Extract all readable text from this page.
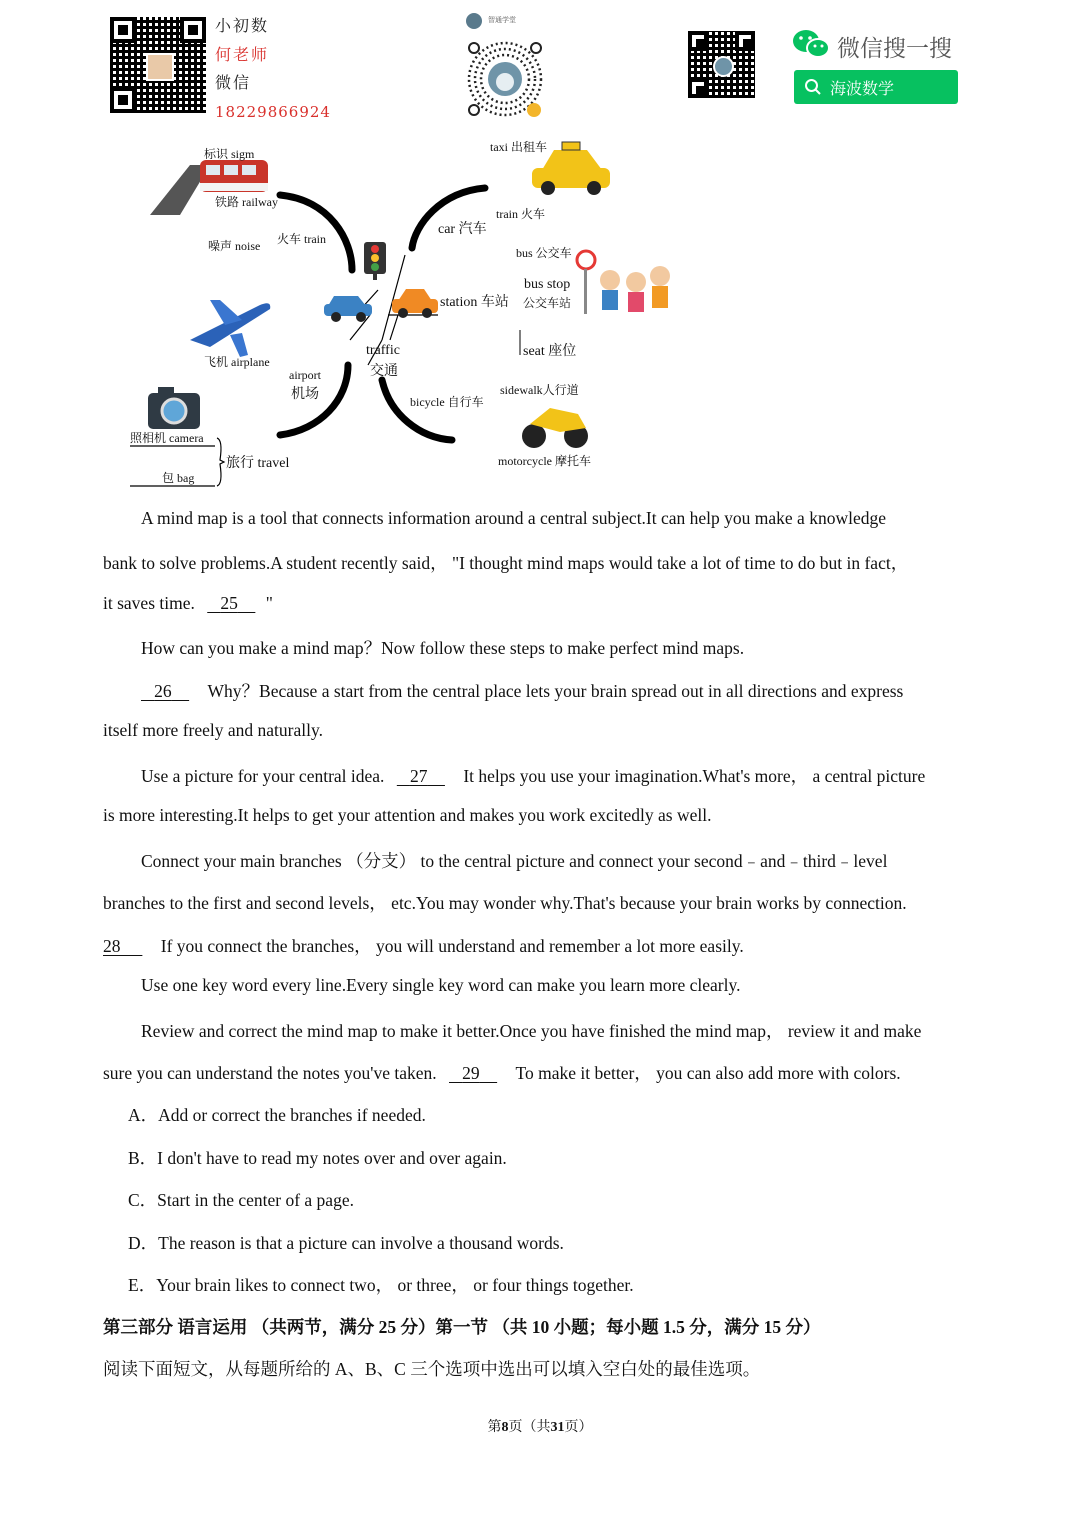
小初数
何老师
微信
18229866924
智通学堂
微信搜一搜
海波数学
标识 sigm
铁路 railway
噪声 noise 火车 train
飞机 airplane
airport
机场
照相机 camera
包 bag
旅行 travel
taxi 出租车
car 汽车
train 火车
bus 公交车
bus stop
公交车站
station 车站
traffic
交通
seat 座位
sidewalk人行道
bicycle 自行车
motorcycle 摩托车
A mind map is a tool that connects information around a central subject.It can help you make a knowledge
bank to solve problems.A student recently said， "I thought mind maps would take a lot of time to do but in fact，
it saves time. 25 "
How can you make a mind map？Now follow these steps to make perfect mind maps.
26 Why？Because a start from the central place lets your brain spread out in all directions and express
itself more freely and naturally.
Use a picture for your central idea. 27 It helps you use your imagination.What's more， a central picture
is more interesting.It helps to get your attention and makes you work excitedly as well.
Connect your main branches （分支） to the central picture and connect your second﹣and﹣third﹣level
branches to the first and second levels， etc.You may wonder why.That's because your brain works by connection.
28 If you connect the branches， you will understand and remember a lot more easily.
Use one key word every line.Every single key word can make you learn more clearly.
Review and correct the mind map to make it better.Once you have finished the mind map， review it and make
sure you can understand the notes you've taken. 29 To make it better， you can also add more with colors.
A．Add or correct the branches if needed.
B．I don't have to read my notes over and over again.
C．Start in the center of a page.
D．The reason is that a picture can involve a thousand words.
E．Your brain likes to connect two， or three， or four things together.
第三部分 语言运用 （共两节，满分 25 分）第一节 （共 10 小题；每小题 1.5 分，满分 15 分）
阅读下面短文，从每题所给的 A、B、C 三个选项中选出可以填入空白处的最佳选项。
第8页（共31页）
